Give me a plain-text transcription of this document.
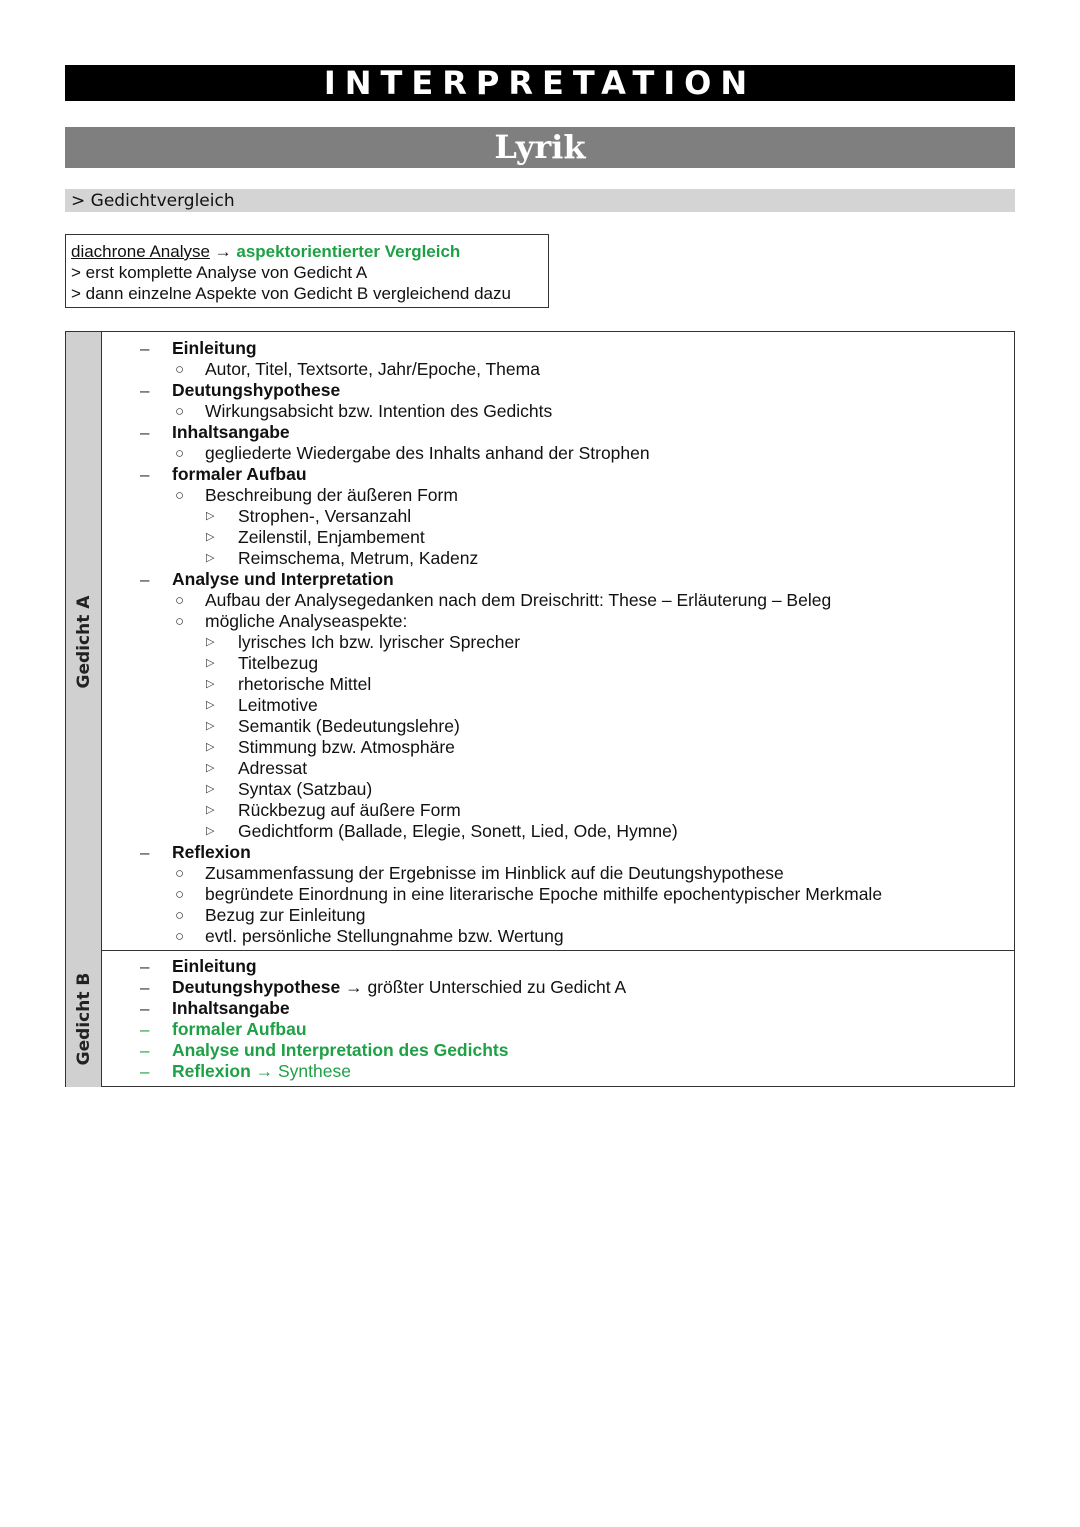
INTERPRETATION
Lyrik
> Gedichtvergleich
diachrone Analyse → aspektorientierter Vergleich
> erst komplette Analyse von Gedicht A
> dann einzelne Aspekte von Gedicht B vergleichend dazu
Gedicht A
Gedicht B
– Einleitung
○ Autor, Titel, Textsorte, Jahr/Epoche, Thema
– Deutungshypothese
○ Wirkungsabsicht bzw. Intention des Gedichts
– Inhaltsangabe
○ gegliederte Wiedergabe des Inhalts anhand der Strophen
– formaler Aufbau
○ Beschreibung der äußeren Form
▷ Strophen-, Versanzahl
▷ Zeilenstil, Enjambement
▷ Reimschema, Metrum, Kadenz
– Analyse und Interpretation
○ Aufbau der Analysegedanken nach dem Dreischritt: These – Erläuterung – Beleg
○ mögliche Analyseaspekte:
▷ lyrisches Ich bzw. lyrischer Sprecher
▷ Titelbezug
▷ rhetorische Mittel
▷ Leitmotive
▷ Semantik (Bedeutungslehre)
▷ Stimmung bzw. Atmosphäre
▷ Adressat
▷ Syntax (Satzbau)
▷ Rückbezug auf äußere Form
▷ Gedichtform (Ballade, Elegie, Sonett, Lied, Ode, Hymne)
– Reflexion
○ Zusammenfassung der Ergebnisse im Hinblick auf die Deutungshypothese
○ begründete Einordnung in eine literarische Epoche mithilfe epochentypischer Merkmale
○ Bezug zur Einleitung
○ evtl. persönliche Stellungnahme bzw. Wertung
– Einleitung
– Deutungshypothese → größter Unterschied zu Gedicht A
– Inhaltsangabe
– formaler Aufbau
– Analyse und Interpretation des Gedichts
– Reflexion → Synthese
